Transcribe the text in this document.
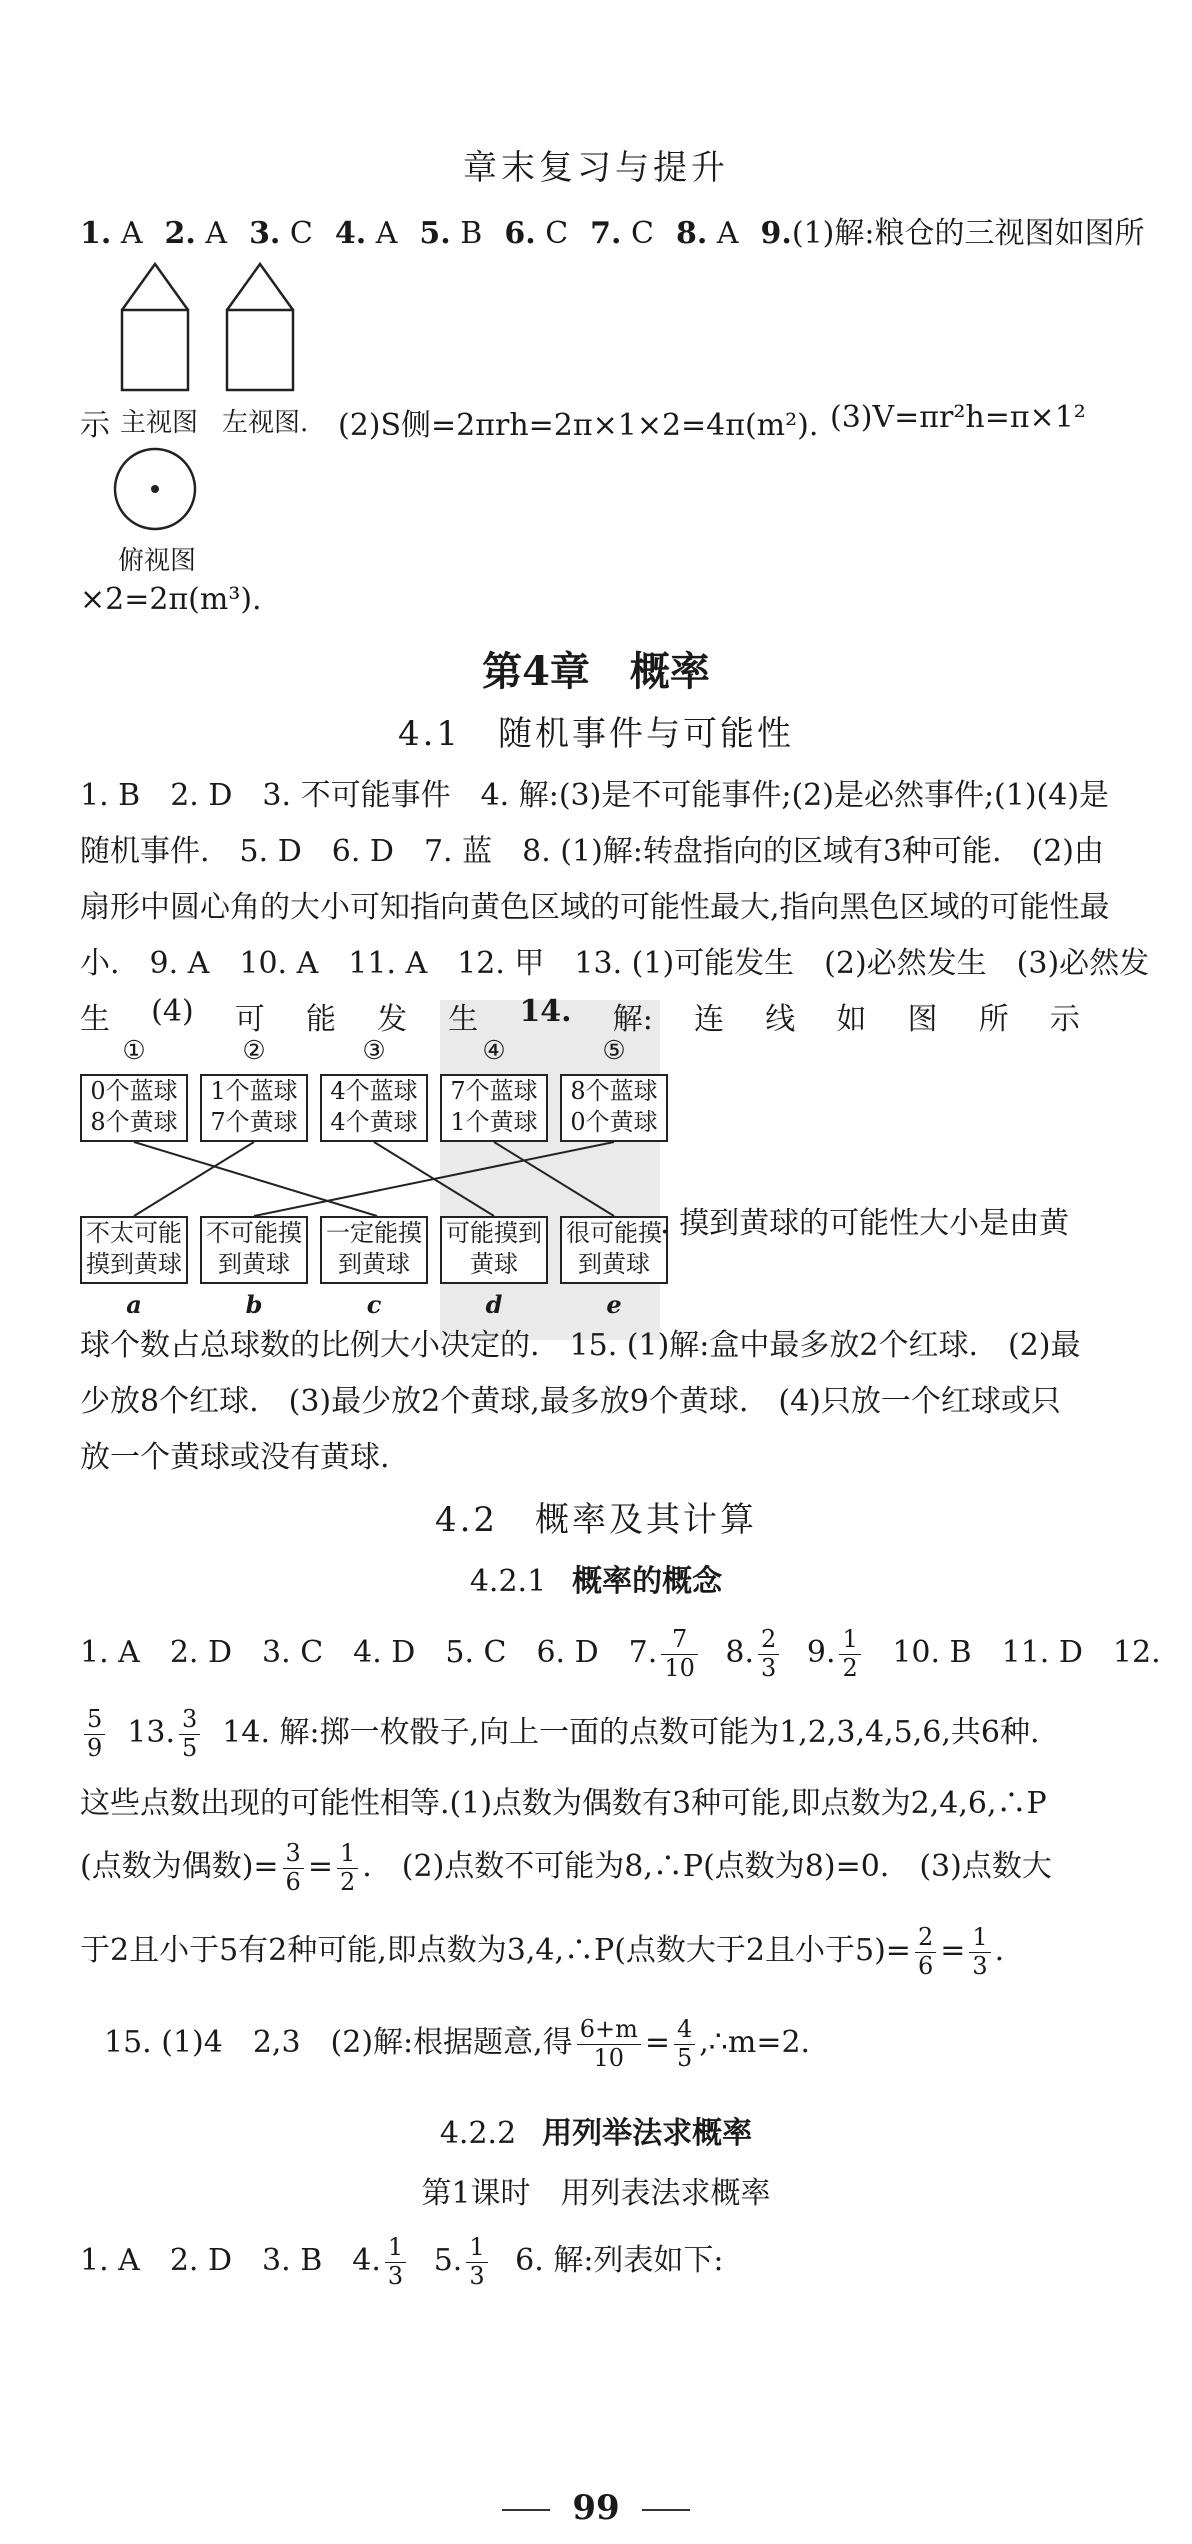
章末复习与提升
1. A 2. A 3. C 4. A 5. B 6. C 7. C 8. A 9.(1)解:粮仓的三视图如图所
示 主视图 左视图. (2)S侧=2πrh=2π×1×2=4π(m²). (3)V=πr²h=π×1²
俯视图
×2=2π(m³).
第4章　概率
4.1　随机事件与可能性
1. B　2. D　3. 不可能事件　4. 解:(3)是不可能事件;(2)是必然事件;(1)(4)是
随机事件.　5. D　6. D　7. 蓝　8. (1)解:转盘指向的区域有3种可能.　(2)由
扇形中圆心角的大小可知指向黄色区域的可能性最大,指向黑色区域的可能性最
小.　9. A　10. A　11. A　12. 甲　13. (1)可能发生　(2)必然发生　(3)必然发
生 (4) 可 能 发 生 14. 解: 连 线 如 图 所 示
①	②	③	④	⑤
0个蓝球
8个黄球
1个蓝球
7个黄球
4个蓝球
4个黄球
7个蓝球
1个黄球
8个蓝球
0个黄球
不太可能
摸到黄球
不可能摸
到黄球
一定能摸
到黄球
可能摸到
黄球
很可能摸
到黄球
a	b	c	d	e
. 摸到黄球的可能性大小是由黄
球个数占总球数的比例大小决定的.　15. (1)解:盒中最多放2个红球.　(2)最
少放8个红球.　(3)最少放2个黄球,最多放9个黄球.　(4)只放一个红球或只
放一个黄球或没有黄球.
4.2　概率及其计算
4.2.1 概率的概念
1. A　2. D　3. C　4. D　5. C　6. D　7. $\frac{7}{10} 8$. $\frac{2}{3} 9$. $\frac{1}{2} 10$. B　11. D　12.
$\frac{5}{9} 13$. $\frac{3}{5} 14$. 解:掷一枚骰子,向上一面的点数可能为1,2,3,4,5,6,共6种.
这些点数出现的可能性相等.(1)点数为偶数有3种可能,即点数为2,4,6,∴P
(点数为偶数)= $\frac{3}{6} = \frac{1}{2}$ .　(2)点数不可能为8,∴P(点数为8)=0.　(3)点数大
于2且小于5有2种可能,即点数为3,4,∴P(点数大于2且小于$5)= \frac{2}{6} = \frac{1}{3}$ .
15. (1)4　2,3　(2)解:根据题意,得 $\frac{6+m}{10} = \frac{4}{5}$ ,∴m=2.
4.2.2 用列举法求概率
第1课时　用列表法求概率
1. A　2. D　3. B　4. $\frac{1}{3} 5$. $\frac{1}{3} 6$. 解:列表如下:
99
